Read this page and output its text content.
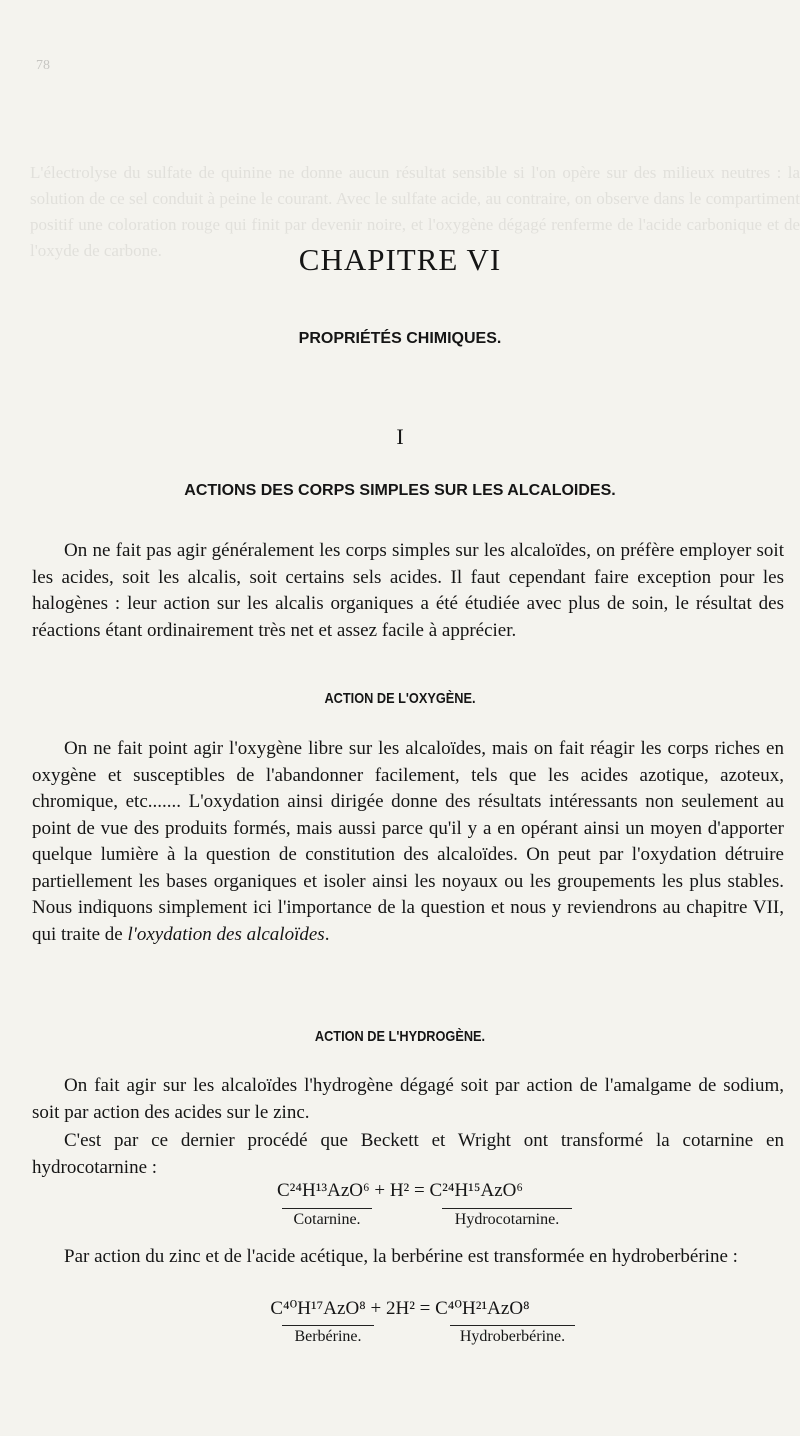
78
L'électrolyse du sulfate de quinine ne donne aucun résultat sensible si l'on opère sur des milieux neutres : la solution de ce sel conduit à peine le courant. Avec le sulfate acide, au contraire, on observe dans le compartiment positif une coloration rouge qui finit par devenir noire, et l'oxygène dégagé renferme de l'acide carbonique et de l'oxyde de carbone.	CHAPITRE VI
PROPRIÉTÉS CHIMIQUES.
I
ACTIONS DES CORPS SIMPLES SUR LES ALCALOIDES.

On ne fait pas agir généralement les corps simples sur les alcaloïdes, on préfère employer soit les acides, soit les alcalis, soit certains sels acides. Il faut cependant faire exception pour les halogènes : leur action sur les alcalis organiques a été étudiée avec plus de soin, le résultat des réactions étant ordinairement très net et assez facile à apprécier.

ACTION DE L'OXYGÈNE.

On ne fait point agir l'oxygène libre sur les alcaloïdes, mais on fait réagir les corps riches en oxygène et susceptibles de l'abandonner facilement, tels que les acides azotique, azoteux, chromique, etc....... L'oxydation ainsi dirigée donne des résultats intéressants non seulement au point de vue des produits formés, mais aussi parce qu'il y a en opérant ainsi un moyen d'apporter quelque lumière à la question de constitution des alcaloïdes. On peut par l'oxydation détruire partiellement les bases organiques et isoler ainsi les noyaux ou les groupements les plus stables. Nous indiquons simplement ici l'importance de la question et nous y reviendrons au chapitre VII, qui traite de l'oxydation des alcaloïdes.

ACTION DE L'HYDROGÈNE.

On fait agir sur les alcaloïdes l'hydrogène dégagé soit par action de l'amalgame de sodium, soit par action des acides sur le zinc.

C'est par ce dernier procédé que Beckett et Wright ont transformé la cotarnine en hydrocotarnine :

C²⁴H¹³AzO⁶ + H² = C²⁴H¹⁵AzO⁶
Cotarnine.	Hydrocotarnine.

Par action du zinc et de l'acide acétique, la berbérine est transformée en hydroberbérine :

C⁴⁰H¹⁷AzO⁸ + 2H² = C⁴⁰H²¹AzO⁸
Berbérine.	Hydroberbérine.
